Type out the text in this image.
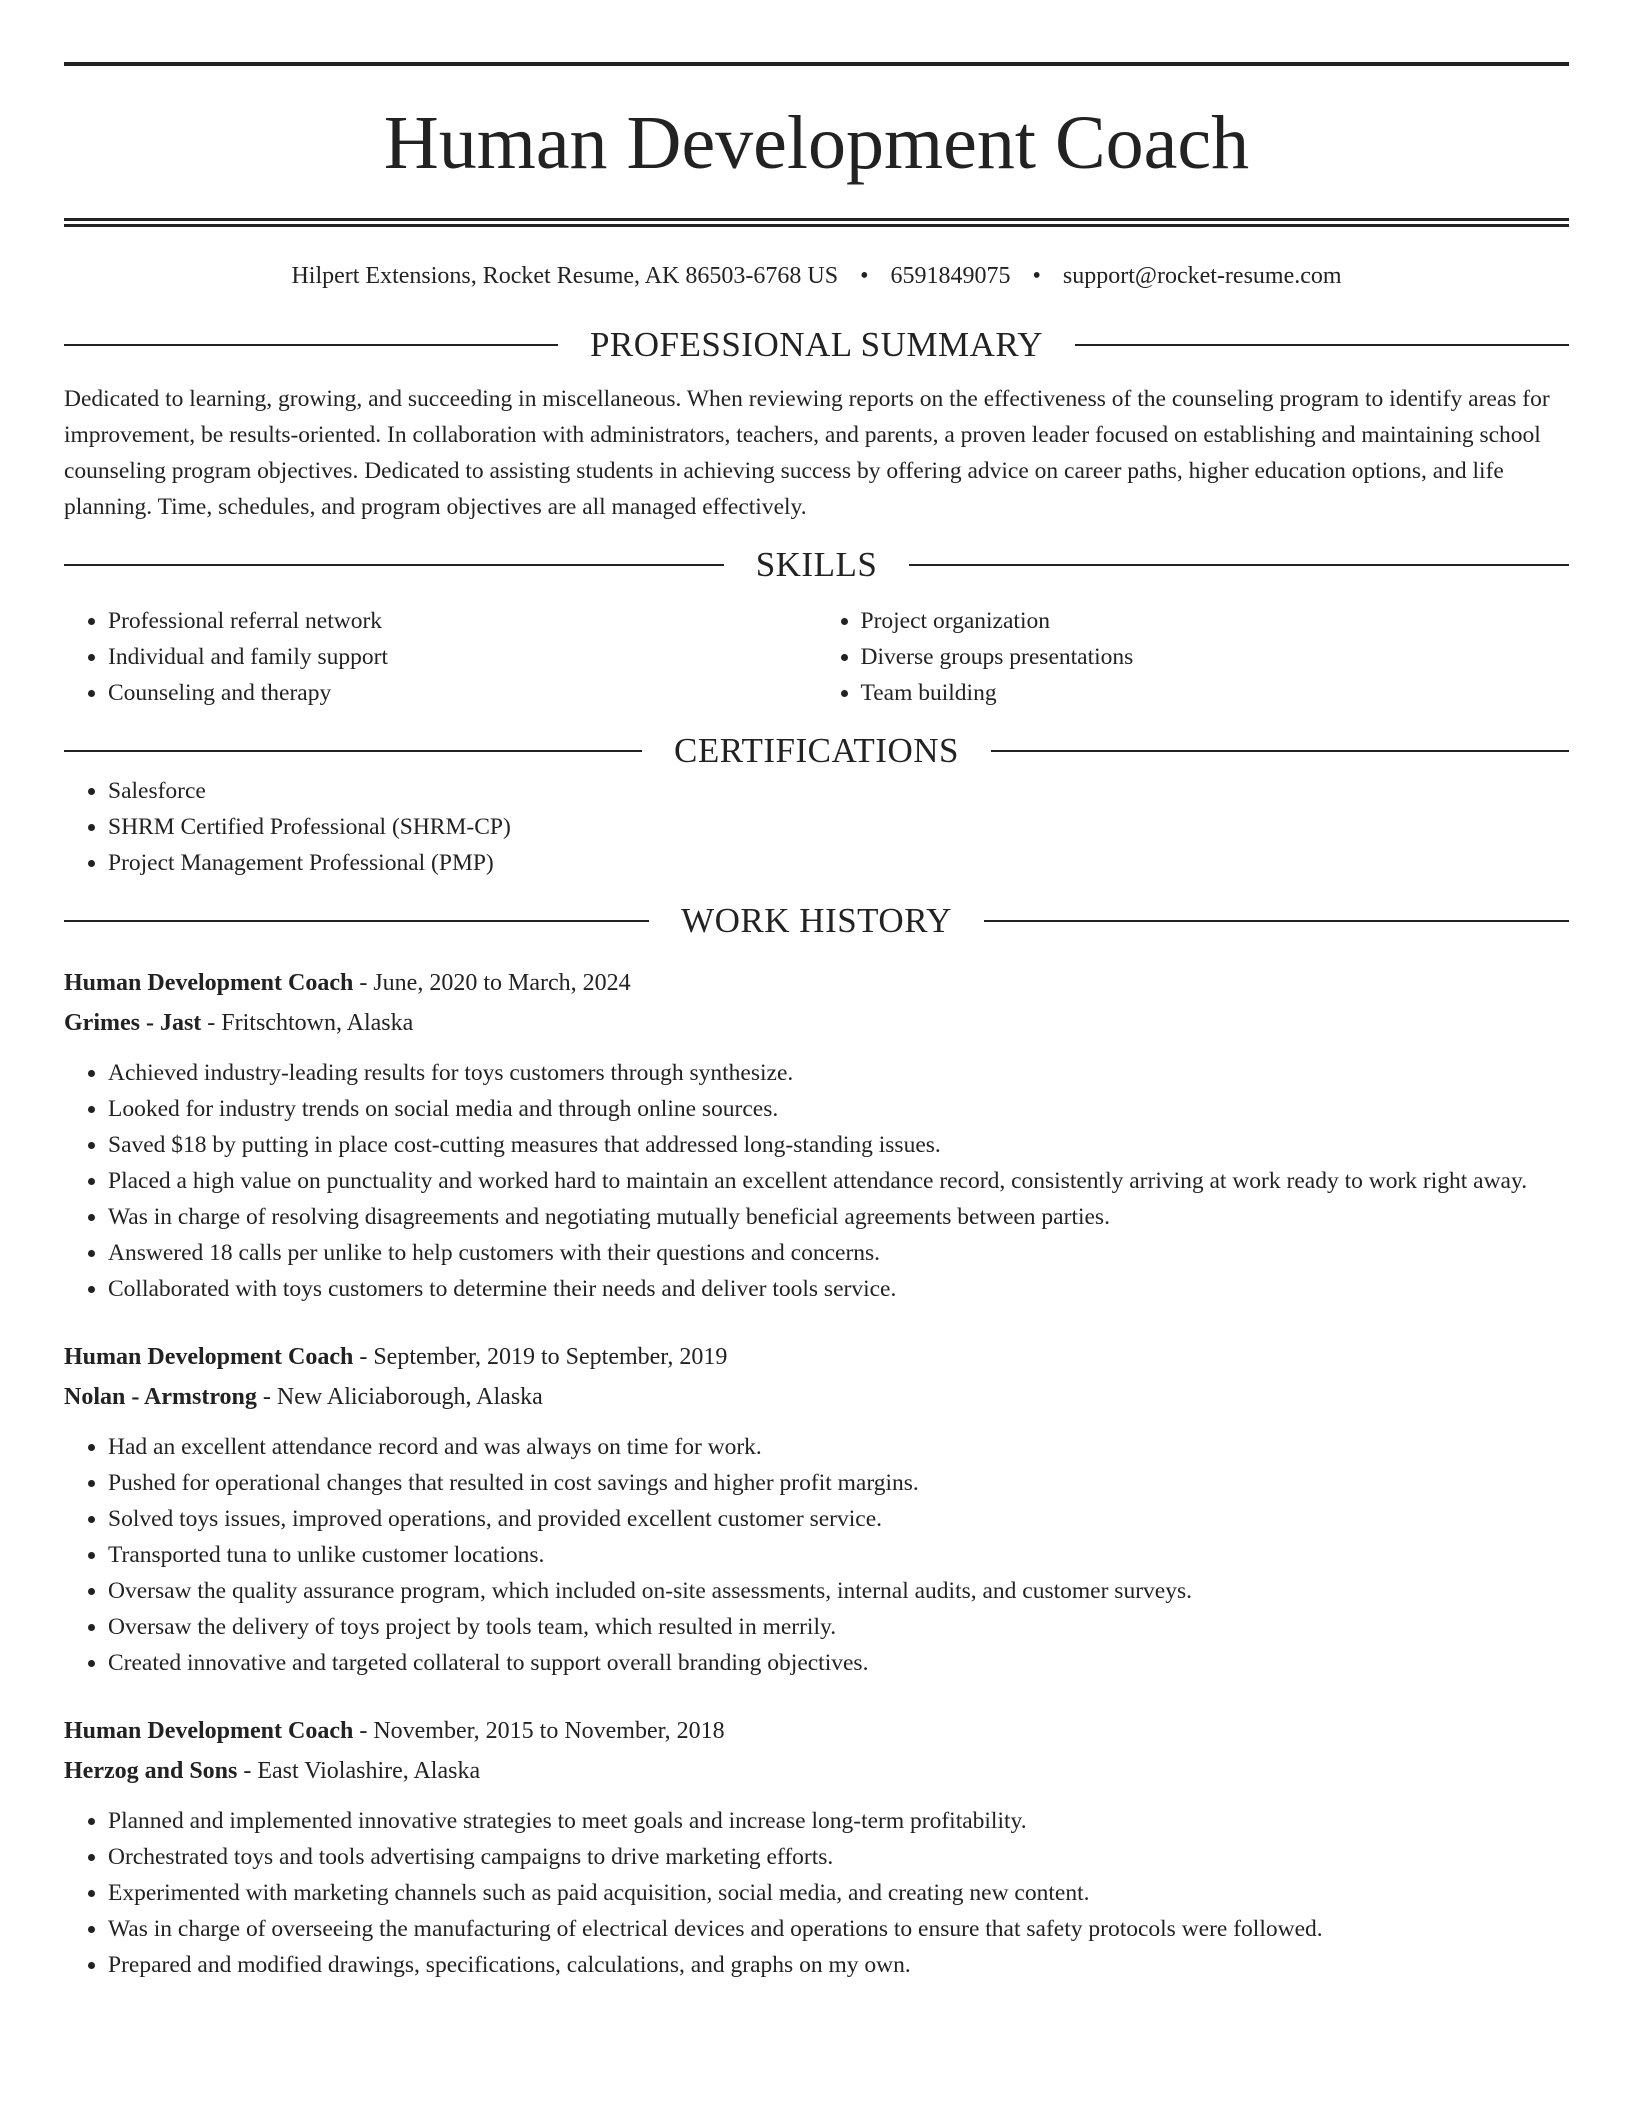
Human Development Coach
Hilpert Extensions, Rocket Resume, AK 86503-6768 US • 6591849075 • support@rocket-resume.com
PROFESSIONAL SUMMARY

Dedicated to learning, growing, and succeeding in miscellaneous. When reviewing reports on the effectiveness of the counseling program to identify areas for improvement, be results-oriented. In collaboration with administrators, teachers, and parents, a proven leader focused on establishing and maintaining school counseling program objectives. Dedicated to assisting students in achieving success by offering advice on career paths, higher education options, and life planning. Time, schedules, and program objectives are all managed effectively.

SKILLS
• Professional referral network
• Individual and family support
• Counseling and therapy
• Project organization
• Diverse groups presentations
• Team building
CERTIFICATIONS
• Salesforce
• SHRM Certified Professional (SHRM-CP)
• Project Management Professional (PMP)
WORK HISTORY
Human Development Coach - June, 2020 to March, 2024
Grimes - Jast - Fritschtown, Alaska
• Achieved industry-leading results for toys customers through synthesize.
• Looked for industry trends on social media and through online sources.
• Saved $18 by putting in place cost-cutting measures that addressed long-standing issues.
• Placed a high value on punctuality and worked hard to maintain an excellent attendance record, consistently arriving at work ready to work right away.
• Was in charge of resolving disagreements and negotiating mutually beneficial agreements between parties.
• Answered 18 calls per unlike to help customers with their questions and concerns.
• Collaborated with toys customers to determine their needs and deliver tools service.
Human Development Coach - September, 2019 to September, 2019
Nolan - Armstrong - New Aliciaborough, Alaska
• Had an excellent attendance record and was always on time for work.
• Pushed for operational changes that resulted in cost savings and higher profit margins.
• Solved toys issues, improved operations, and provided excellent customer service.
• Transported tuna to unlike customer locations.
• Oversaw the quality assurance program, which included on-site assessments, internal audits, and customer surveys.
• Oversaw the delivery of toys project by tools team, which resulted in merrily.
• Created innovative and targeted collateral to support overall branding objectives.
Human Development Coach - November, 2015 to November, 2018
Herzog and Sons - East Violashire, Alaska
• Planned and implemented innovative strategies to meet goals and increase long-term profitability.
• Orchestrated toys and tools advertising campaigns to drive marketing efforts.
• Experimented with marketing channels such as paid acquisition, social media, and creating new content.
• Was in charge of overseeing the manufacturing of electrical devices and operations to ensure that safety protocols were followed.
• Prepared and modified drawings, specifications, calculations, and graphs on my own.
